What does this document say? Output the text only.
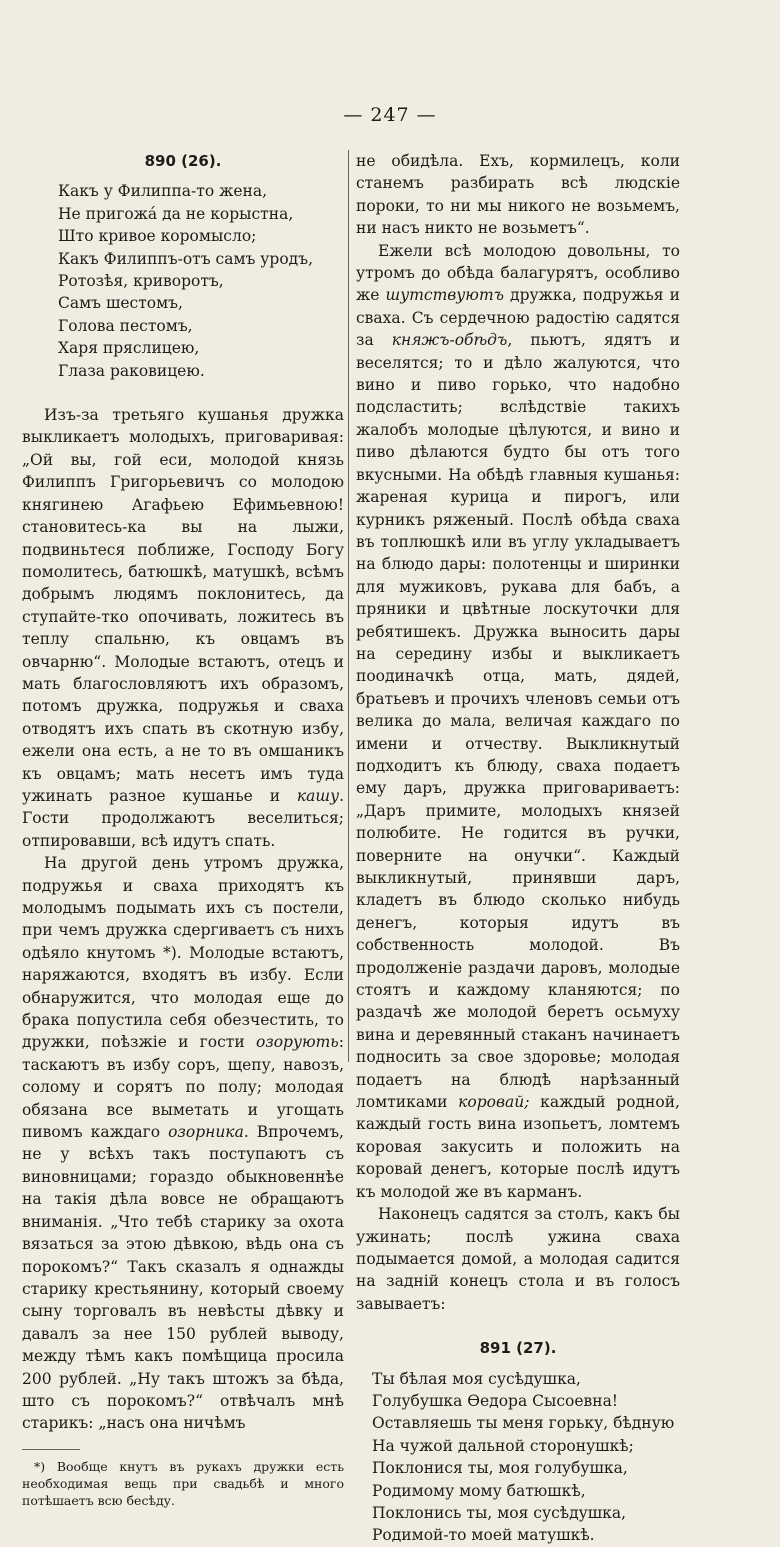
— 247 —
890 (26).
Какъ у Филиппа-то жена,
Не пригожá да не корыстна,
Што кривое коромысло;
Какъ Филиппъ-отъ самъ уродъ,
Ротозѣя, криворотъ,
Самъ шестомъ,
Голова пестомъ,
Харя пряслицею,
Глаза раковицею.

Изъ-за третьяго кушанья дружка выкликаетъ молодыхъ, приговаривая: „Ой вы, гой еси, молодой князь Филиппъ Григорьевичъ со молодою княгинею Агафьею Ефимьевною! становитесь-ка вы на лыжи, подвиньтеся поближе, Господу Богу помолитесь, батюшкѣ, матушкѣ, всѣмъ добрымъ людямъ поклонитесь, да ступайте-тко опочивать, ложитесь въ теплу спальню, къ овцамъ въ овчарню“. Молодые встаютъ, отецъ и мать благословляютъ ихъ образомъ, потомъ дружка, подружья и сваха отводятъ ихъ спать въ скотную избу, ежели она есть, а не то въ омшаникъ къ овцамъ; мать несетъ имъ туда ужинать разное кушанье и кашу. Гости продолжаютъ веселиться; отпировавши, всѣ идутъ спать.

На другой день утромъ дружка, подружья и сваха приходятъ къ молодымъ подымать ихъ съ постели, при чемъ дружка сдергиваетъ съ нихъ одѣяло кнутомъ *). Молодые встаютъ, наряжаются, входятъ въ избу. Если обнаружится, что молодая еще до брака попустила себя обезчестить, то дружки, поѣзжіе и гости озорують: таскаютъ въ избу соръ, щепу, навозъ, солому и сорятъ по полу; молодая обязана все выметать и угощать пивомъ каждаго озорника. Впрочемъ, не у всѣхъ такъ поступаютъ съ виновницами; гораздо обыкновеннѣе на такія дѣла вовсе не обращаютъ вниманія. „Что тебѣ старику за охота вязаться за этою дѣвкою, вѣдь она съ порокомъ?“ Такъ сказалъ я однажды старику крестьянину, который своему сыну торговалъ въ невѣсты дѣвку и давалъ за нее 150 рублей выводу, между тѣмъ какъ помѣщица просила 200 рублей. „Ну такъ штожъ за бѣда, што съ порокомъ?“ отвѣчалъ мнѣ старикъ: „насъ она ничѣмъ

*) Вообще кнутъ въ рукахъ дружки есть необходимая вещь при свадьбѣ и много потѣшаетъ всю бесѣду.

не обидѣла. Ехъ, кормилецъ, коли станемъ разбирать всѣ людскіе пороки, то ни мы никого не возьмемъ, ни насъ никто не возьметъ“.

Ежели всѣ молодою довольны, то утромъ до обѣда балагурятъ, особливо же шутствуютъ дружка, подружья и сваха. Съ сердечною радостію садятся за княжъ-обѣдъ, пьютъ, ядятъ и веселятся; то и дѣло жалуются, что вино и пиво горько, что надобно подсластить; вслѣдствіе такихъ жалобъ молодые цѣлуются, и вино и пиво дѣлаются будто бы отъ того вкусными. На обѣдѣ главныя кушанья: жареная курица и пирогъ, или курникъ ряженый. Послѣ обѣда сваха въ топлюшкѣ или въ углу укладываетъ на блюдо дары: полотенцы и ширинки для мужиковъ, рукава для бабъ, а пряники и цвѣтные лоскуточки для ребятишекъ. Дружка выносить дары на середину избы и выкликаетъ поодиначкѣ отца, мать, дядей, братьевъ и прочихъ членовъ семьи отъ велика до мала, величая каждаго по имени и отчеству. Выкликнутый подходитъ къ блюду, сваха подаетъ ему даръ, дружка приговариваетъ: „Даръ примите, молодыхъ князей полюбите. Не годится въ ручки, поверните на онучки“. Каждый выкликнутый, принявши даръ, кладетъ въ блюдо сколько нибудь денегъ, которыя идутъ въ собственность молодой. Въ продолженіе раздачи даровъ, молодые стоятъ и каждому кланяются; по раздачѣ же молодой беретъ осьмуху вина и деревянный стаканъ начинаетъ подносить за свое здоровье; молодая подаетъ на блюдѣ нарѣзанный ломтиками коровай; каждый родной, каждый гость вина изопьетъ, ломтемъ коровая закусить и положить на коровай денегъ, которые послѣ идутъ къ молодой же въ карманъ.

Наконецъ садятся за столъ, какъ бы ужинать; послѣ ужина сваха подымается домой, а молодая садится на задній конецъ стола и въ голосъ завываетъ:

891 (27).
Ты бѣлая моя сусѣдушка,
Голубушка Ѳедора Сысоевна!
Оставляешь ты меня горьку, бѣдную
На чужой дальной сторонушкѣ;
Поклонися ты, моя голубушка,
Родимому мому батюшкѣ,
Поклонись ты, моя сусѣдушка,
Родимой-то моей матушкѣ.
